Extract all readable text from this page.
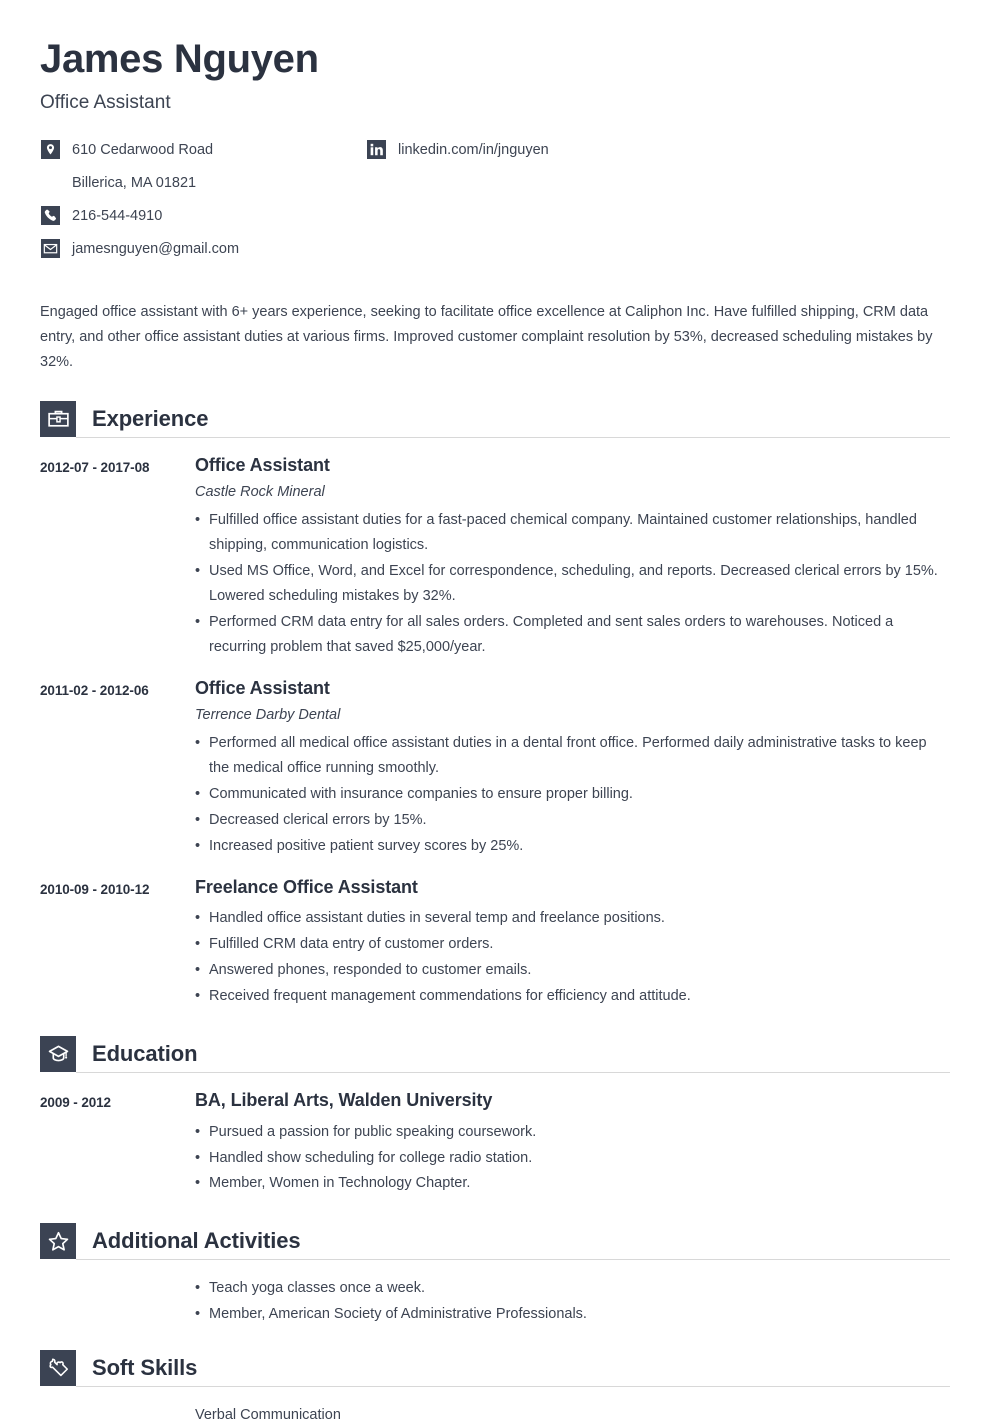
James Nguyen
Office Assistant
610 Cedarwood Road
Billerica, MA 01821
216-544-4910
jamesnguyen@gmail.com
linkedin.com/in/jnguyen
Engaged office assistant with 6+ years experience, seeking to facilitate office excellence at Caliphon Inc. Have fulfilled shipping, CRM data entry, and other office assistant duties at various firms. Improved customer complaint resolution by 53%, decreased scheduling mistakes by 32%.
Experience
2012-07 - 2017-08	Office Assistant
Castle Rock Mineral
• Fulfilled office assistant duties for a fast-paced chemical company. Maintained customer relationships, handled shipping, communication logistics.
• Used MS Office, Word, and Excel for correspondence, scheduling, and reports. Decreased clerical errors by 15%. Lowered scheduling mistakes by 32%.
• Performed CRM data entry for all sales orders. Completed and sent sales orders to warehouses. Noticed a recurring problem that saved $25,000/year.
2011-02 - 2012-06	Office Assistant
Terrence Darby Dental
• Performed all medical office assistant duties in a dental front office. Performed daily administrative tasks to keep the medical office running smoothly.
• Communicated with insurance companies to ensure proper billing.
• Decreased clerical errors by 15%.
• Increased positive patient survey scores by 25%.
2010-09 - 2010-12	Freelance Office Assistant
• Handled office assistant duties in several temp and freelance positions.
• Fulfilled CRM data entry of customer orders.
• Answered phones, responded to customer emails.
• Received frequent management commendations for efficiency and attitude.
Education
2009 - 2012	BA, Liberal Arts, Walden University
• Pursued a passion for public speaking coursework.
• Handled show scheduling for college radio station.
• Member, Women in Technology Chapter.
Additional Activities
• Teach yoga classes once a week.
• Member, American Society of Administrative Professionals.
Soft Skills
Verbal Communication
